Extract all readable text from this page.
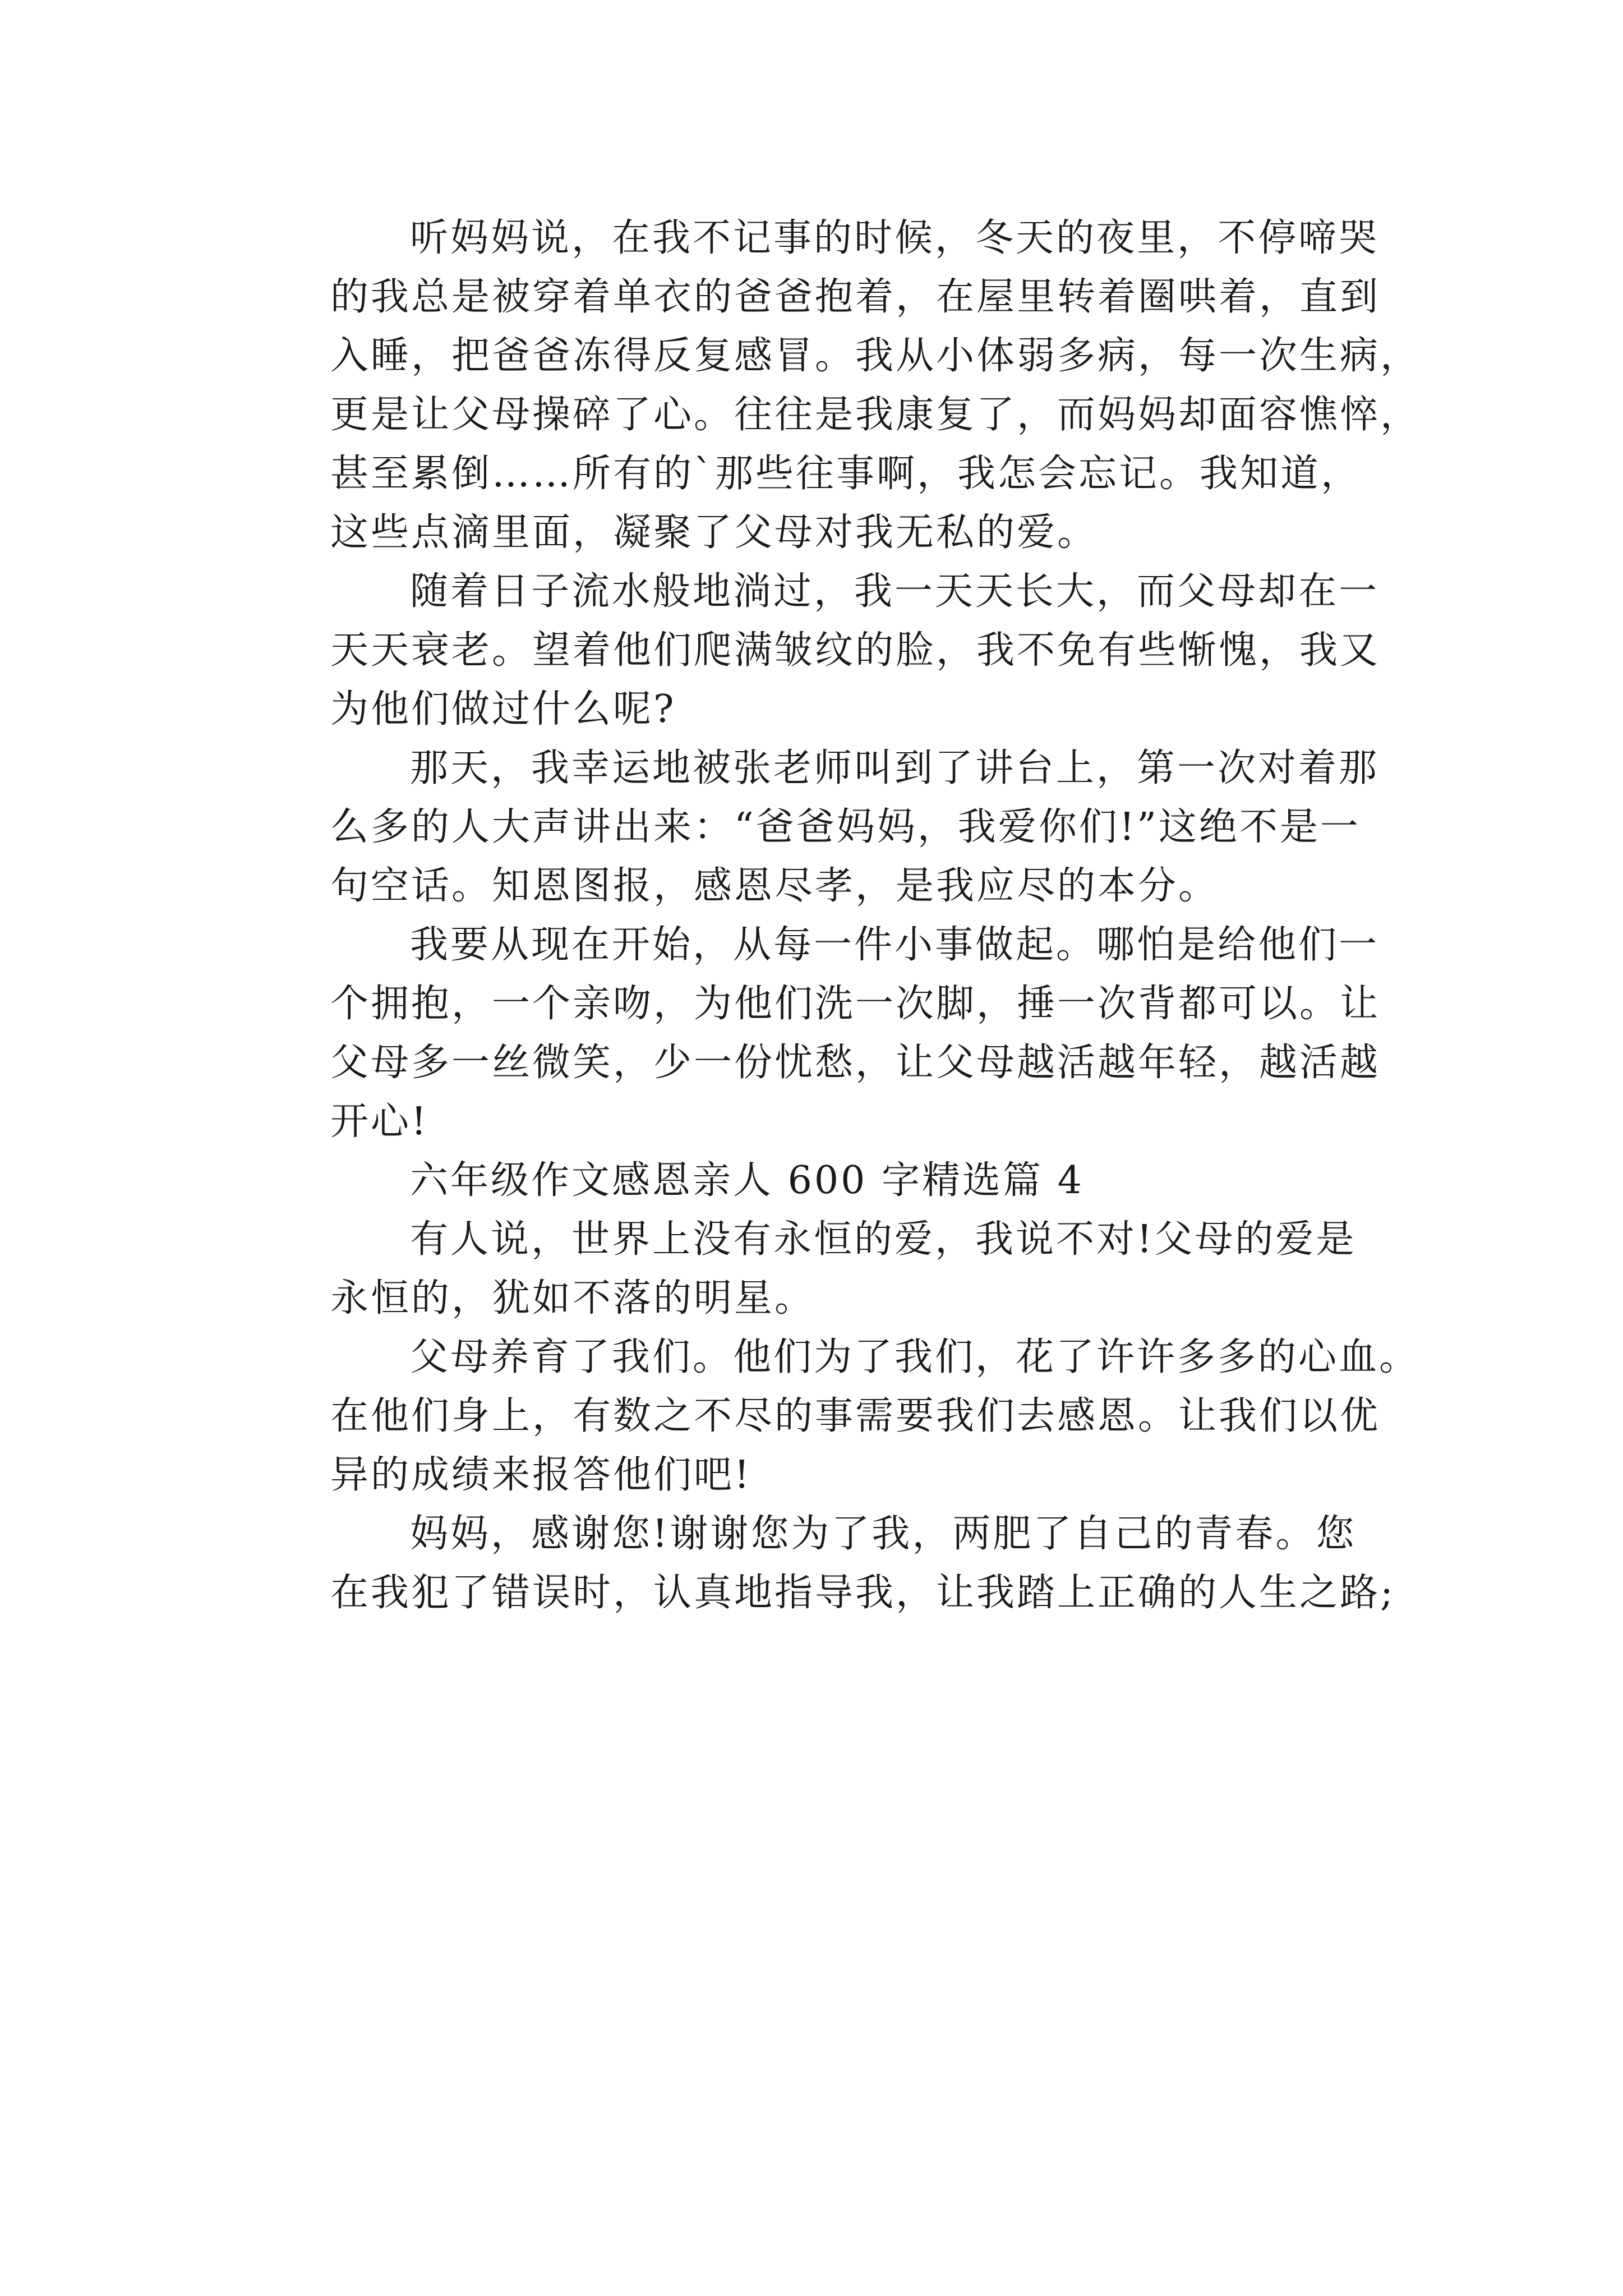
听妈妈说，在我不记事的时候，冬天的夜里，不停啼哭
的我总是被穿着单衣的爸爸抱着，在屋里转着圈哄着，直到
入睡，把爸爸冻得反复感冒。我从小体弱多病，每一次生病，
更是让父母操碎了心。往往是我康复了，而妈妈却面容憔悴，
甚至累倒……所有的`那些往事啊，我怎会忘记。我知道，
这些点滴里面，凝聚了父母对我无私的爱。
随着日子流水般地淌过，我一天天长大，而父母却在一
天天衰老。望着他们爬满皱纹的脸，我不免有些惭愧，我又
为他们做过什么呢?
那天，我幸运地被张老师叫到了讲台上，第一次对着那
么多的人大声讲出来：“爸爸妈妈，我爱你们!”这绝不是一
句空话。知恩图报，感恩尽孝，是我应尽的本分。
我要从现在开始，从每一件小事做起。哪怕是给他们一
个拥抱，一个亲吻，为他们洗一次脚，捶一次背都可以。让
父母多一丝微笑，少一份忧愁，让父母越活越年轻，越活越
开心!
六年级作文感恩亲人 600 字精选篇 4
有人说，世界上没有永恒的爱，我说不对!父母的爱是
永恒的，犹如不落的明星。
父母养育了我们。他们为了我们，花了许许多多的心血。
在他们身上，有数之不尽的事需要我们去感恩。让我们以优
异的成绩来报答他们吧!
妈妈，感谢您!谢谢您为了我，两肥了自己的青春。您
在我犯了错误时，认真地指导我，让我踏上正确的人生之路;
